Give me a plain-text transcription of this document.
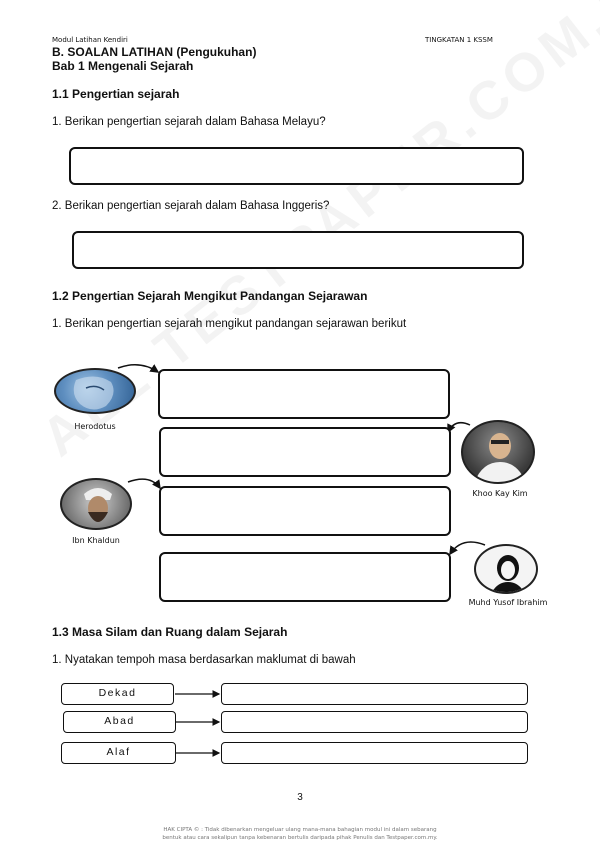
Modul Latihan Kendiri	TINGKATAN 1 KSSM
B. SOALAN LATIHAN (Pengukuhan)
Bab 1 Mengenali Sejarah
1.1 Pengertian sejarah
1. Berikan pengertian sejarah dalam Bahasa Melayu?
2. Berikan pengertian sejarah dalam Bahasa Inggeris?
1.2 Pengertian Sejarah Mengikut Pandangan Sejarawan
1. Berikan pengertian sejarah mengikut pandangan sejarawan berikut
Herodotus
Khoo Kay Kim
Ibn Khaldun
Muhd Yusof Ibrahim
1.3 Masa Silam dan Ruang dalam Sejarah
1. Nyatakan tempoh masa berdasarkan maklumat di bawah
Dekad
Abad
Alaf
3
HAK CIPTA © : Tidak dibenarkan mengeluar ulang mana-mana bahagian modul ini dalam sebarang
bentuk atau cara sekalipun tanpa kebenaran bertulis daripada pihak Penulis dan Testpaper.com.my.
